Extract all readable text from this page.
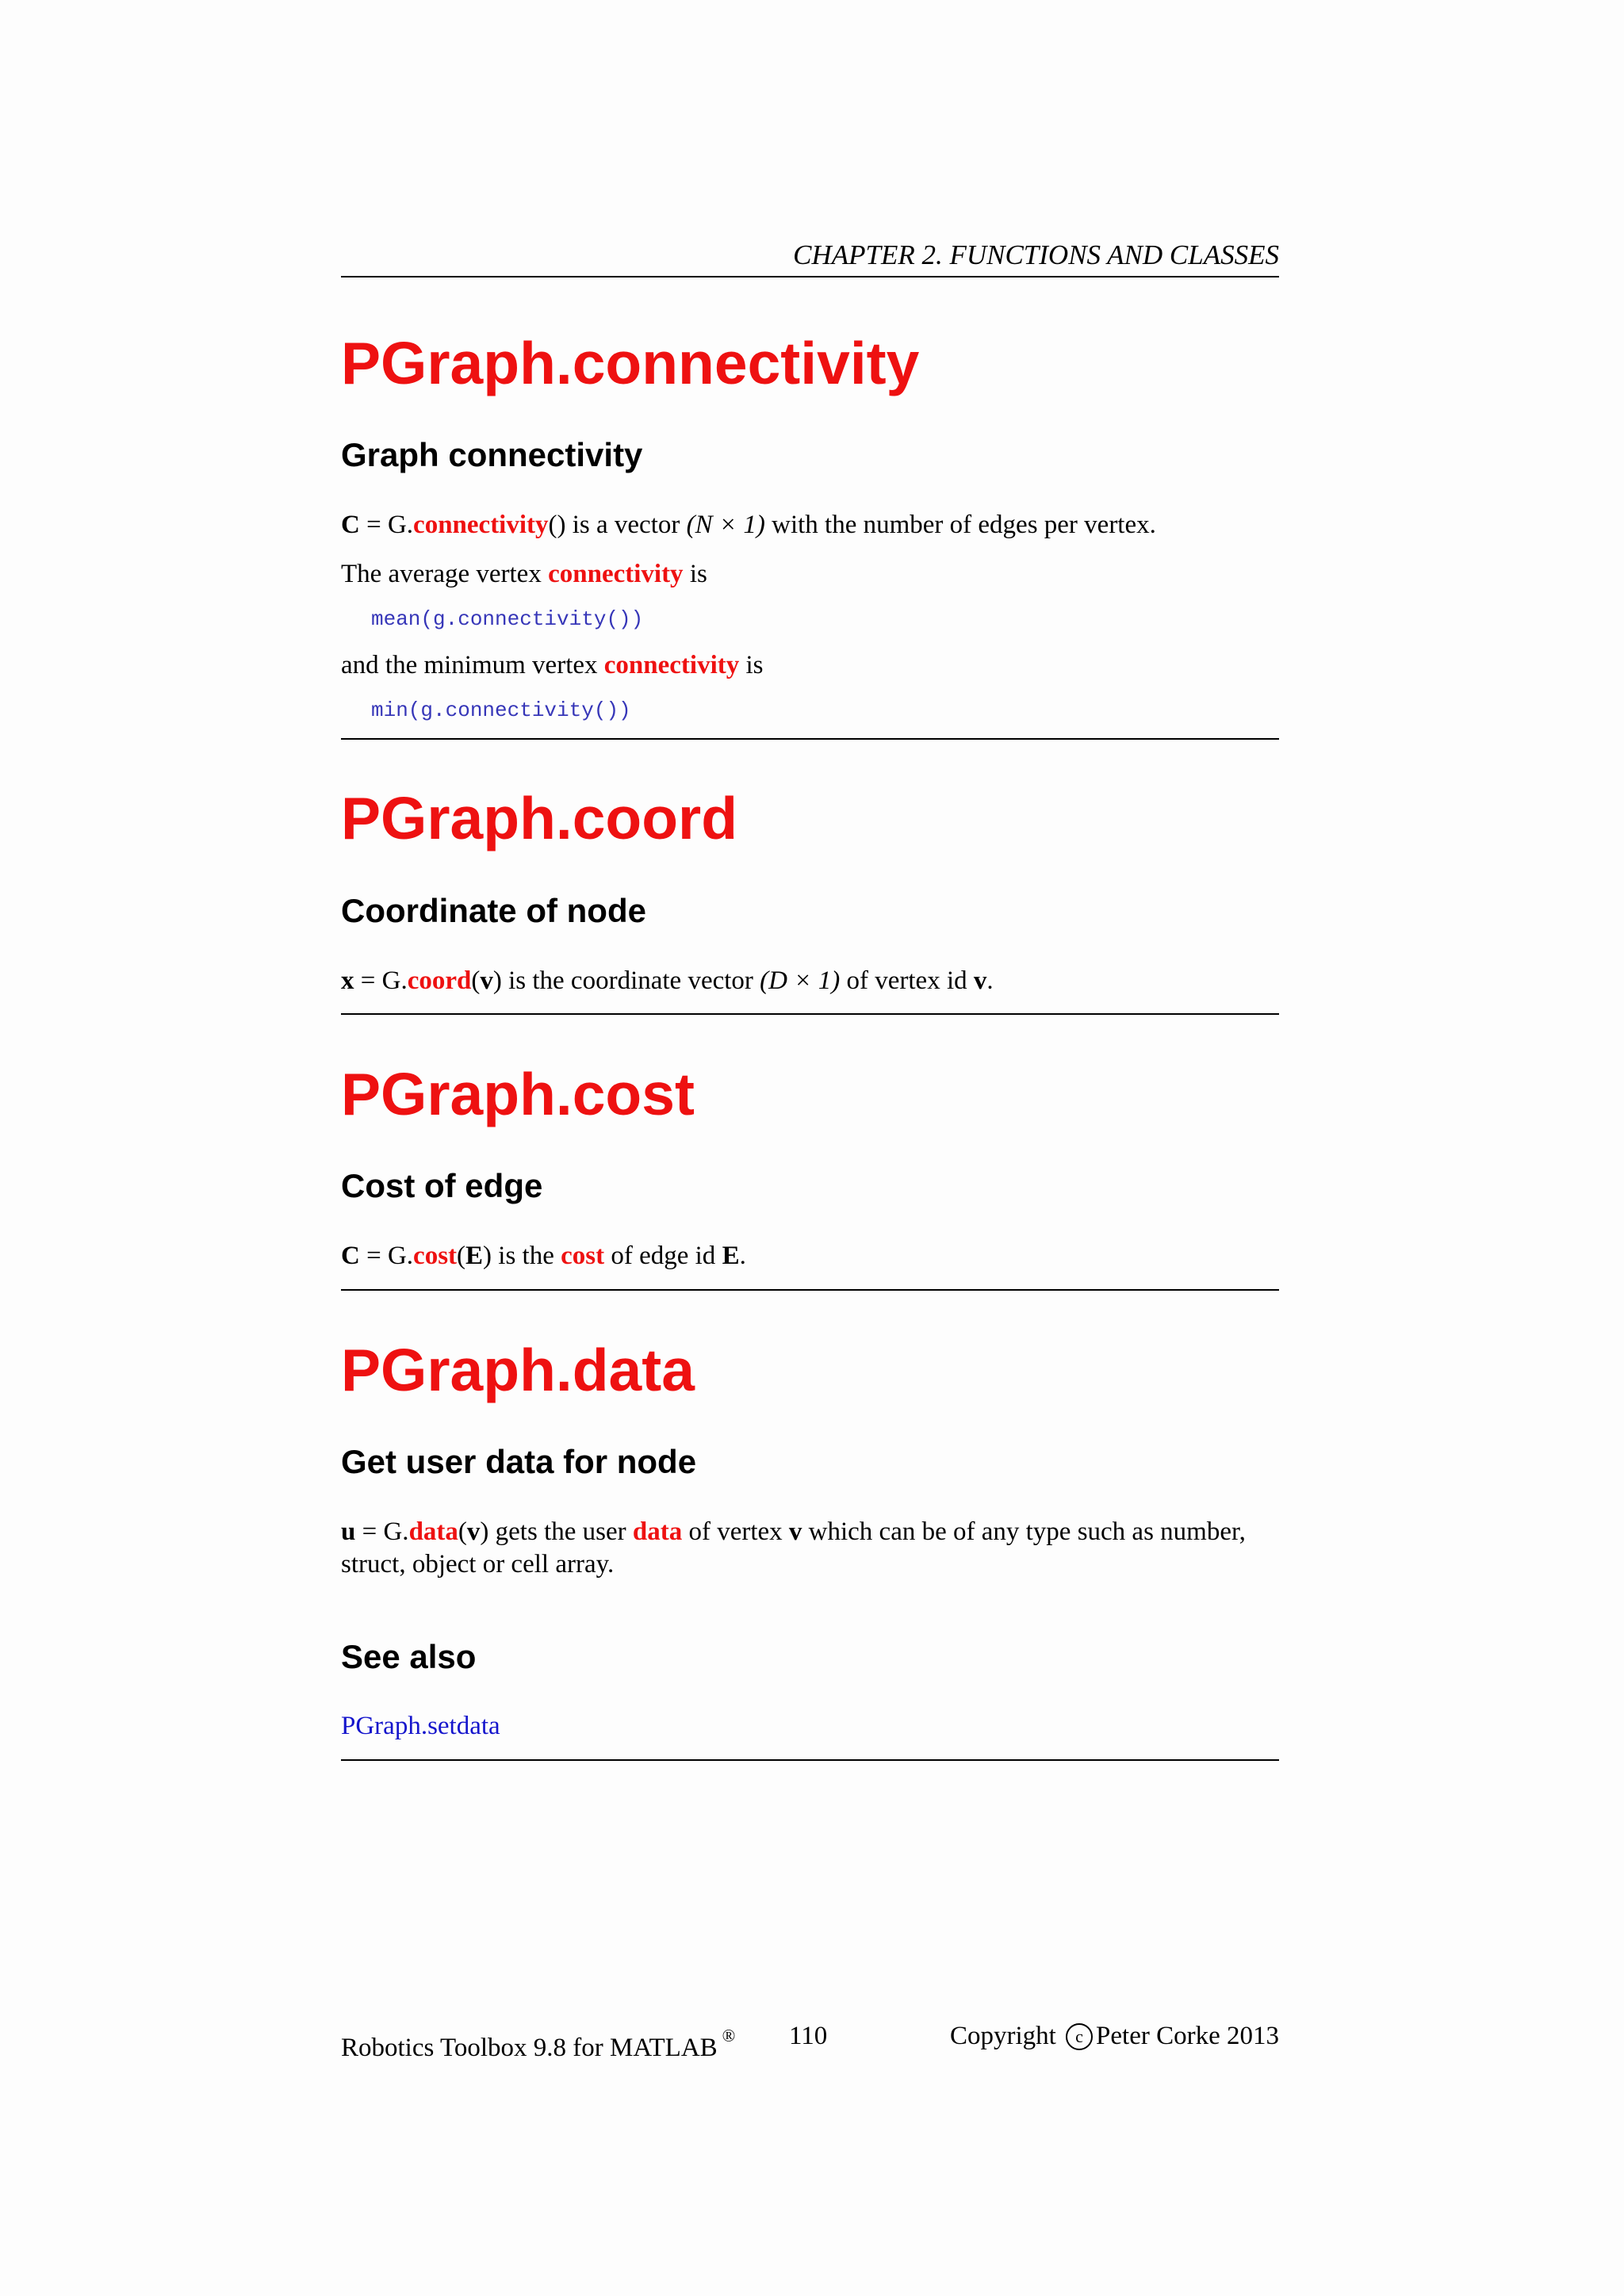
CHAPTER 2. FUNCTIONS AND CLASSES
PGraph.connectivity
Graph connectivity

C = G.connectivity() is a vector (N × 1) with the number of edges per vertex.

The average vertex connectivity is

mean(g.connectivity())

and the minimum vertex connectivity is

min(g.connectivity())
PGraph.coord
Coordinate of node

x = G.coord(v) is the coordinate vector (D × 1) of vertex id v.

PGraph.cost
Cost of edge

C = G.cost(E) is the cost of edge id E.

PGraph.data
Get user data for node

u = G.data(v) gets the user data of vertex v which can be of any type such as number, struct, object or cell array.

See also

PGraph.setdata

Robotics Toolbox 9.8 for MATLAB ® 110	Copyright c Peter Corke 2013
